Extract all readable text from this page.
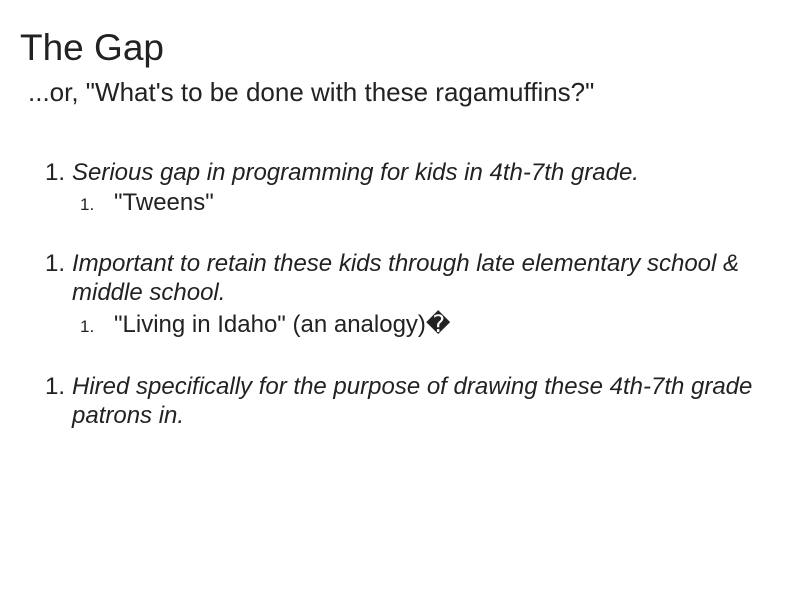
The Gap
...or, "What's to be done with these ragamuffins?"
1. Serious gap in programming for kids in 4th-7th grade.
1. "Tweens"
1. Important to retain these kids through late elementary school & middle school.
1. "Living in Idaho" (an analogy)�
1. Hired specifically for the purpose of drawing these 4th-7th grade patrons in.
